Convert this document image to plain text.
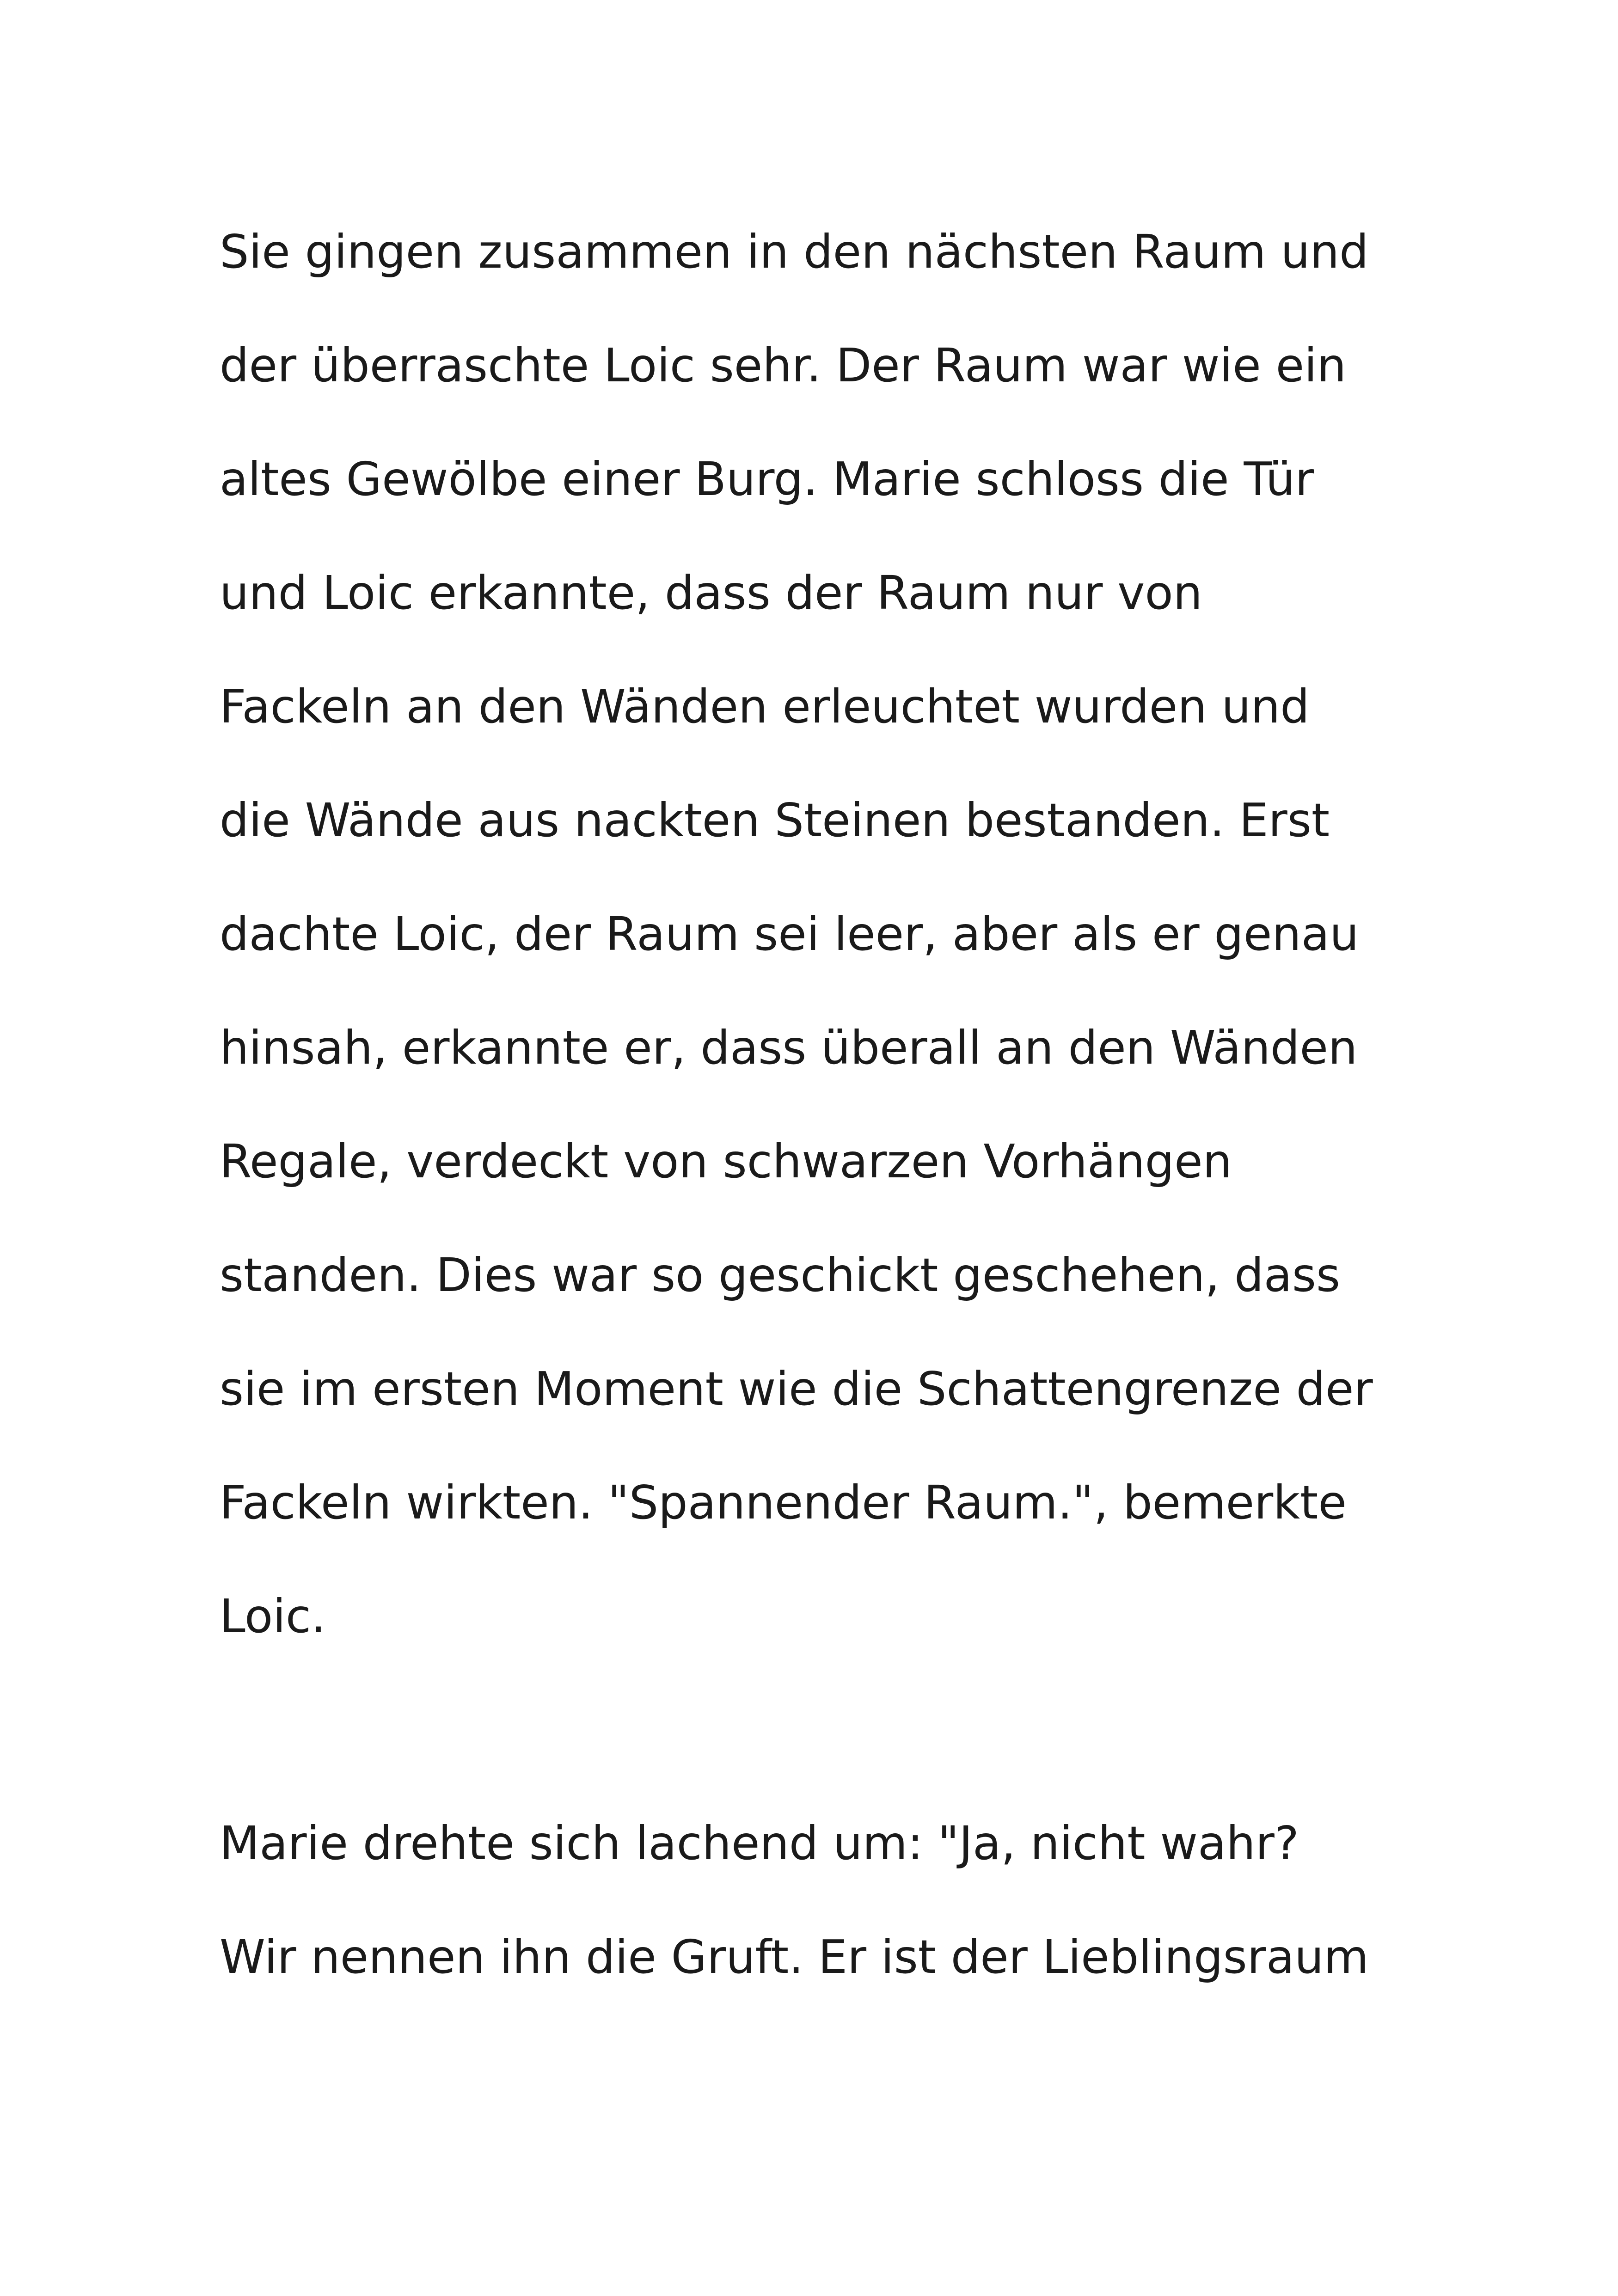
Sie gingen zusammen in den nächsten Raum und
der überraschte Loic sehr. Der Raum war wie ein
altes Gewölbe einer Burg. Marie schloss die Tür
und Loic erkannte, dass der Raum nur von
Fackeln an den Wänden erleuchtet wurden und
die Wände aus nackten Steinen bestanden. Erst
dachte Loic, der Raum sei leer, aber als er genau
hinsah, erkannte er, dass überall an den Wänden
Regale, verdeckt von schwarzen Vorhängen
standen. Dies war so geschickt geschehen, dass
sie im ersten Moment wie die Schattengrenze der
Fackeln wirkten. "Spannender Raum.", bemerkte
Loic.
Marie drehte sich lachend um: "Ja, nicht wahr?
Wir nennen ihn die Gruft. Er ist der Lieblingsraum
